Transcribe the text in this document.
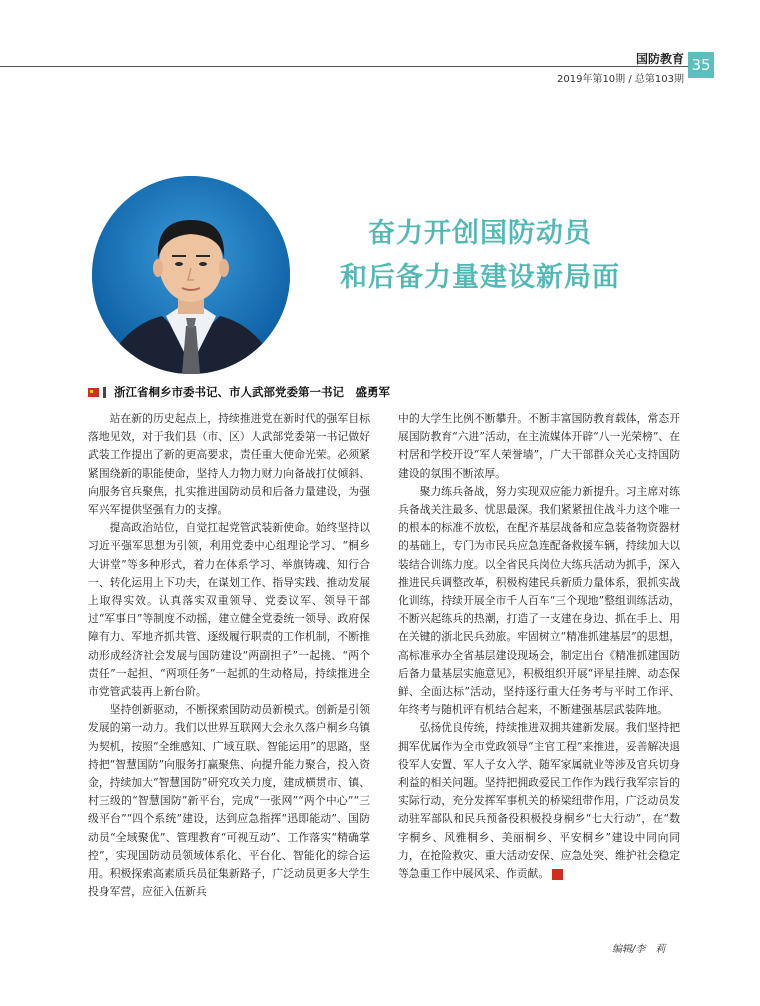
国防教育 35
2019年第10期 / 总第103期
奋力开创国防动员
和后备力量建设新局面
浙江省桐乡市委书记、市人武部党委第一书记　盛勇军

站在新的历史起点上，持续推进党在新时代的强军目标落地见效，对于我们县（市、区）人武部党委第一书记做好武装工作提出了新的更高要求，责任重大使命光荣。必须紧紧围绕新的职能使命，坚持人力物力财力向备战打仗倾斜、向服务官兵聚焦，扎实推进国防动员和后备力量建设，为强军兴军提供坚强有力的支撑。

提高政治站位，自觉扛起党管武装新使命。始终坚持以习近平强军思想为引领，利用党委中心组理论学习、“桐乡大讲堂”等多种形式，着力在体系学习、举旗铸魂、知行合一、转化运用上下功夫，在谋划工作、指导实践、推动发展上取得实效。认真落实双重领导、党委议军、领导干部过“军事日”等制度不动摇，建立健全党委统一领导、政府保障有力、军地齐抓共管、逐级履行职责的工作机制，不断推动形成经济社会发展与国防建设“两副担子”一起挑、“两个责任”一起担、“两项任务”一起抓的生动格局，持续推进全市党管武装再上新台阶。

坚持创新驱动，不断探索国防动员新模式。创新是引领发展的第一动力。我们以世界互联网大会永久落户桐乡乌镇为契机，按照“全维感知、广域互联、智能运用”的思路，坚持把“智慧国防”向服务打赢聚焦、向提升能力聚合，投入资金，持续加大“智慧国防”研究攻关力度，建成横贯市、镇、村三级的“智慧国防”新平台，完成“一张网”“两个中心”“三级平台”“四个系统”建设，达到应急指挥“迅即能动”、国防动员“全域聚优”、管理教育“可视互动”、工作落实“精确掌控”，实现国防动员领域体系化、平台化、智能化的综合运用。积极探索高素质兵员征集新路子，广泛动员更多大学生投身军营，应征入伍新兵

中的大学生比例不断攀升。不断丰富国防教育载体，常态开展国防教育“六进”活动，在主流媒体开辟“八一光荣榜”、在村居和学校开设“军人荣誉墙”，广大干部群众关心支持国防建设的氛围不断浓厚。

聚力练兵备战，努力实现双应能力新提升。习主席对练兵备战关注最多、忧思最深。我们紧紧扭住战斗力这个唯一的根本的标准不放松，在配齐基层战备和应急装备物资器材的基础上，专门为市民兵应急连配备救援车辆，持续加大以装结合训练力度。以全省民兵岗位大练兵活动为抓手，深入推进民兵调整改革，积极构建民兵新质力量体系，狠抓实战化训练，持续开展全市千人百车“三个现地”整组训练活动，不断兴起练兵的热潮，打造了一支建在身边、抓在手上、用在关键的浙北民兵劲旅。牢固树立“精准抓建基层”的思想，高标准承办全省基层建设现场会，制定出台《精准抓建国防后备力量基层实施意见》，积极组织开展“评星挂牌、动态保鲜、全面达标”活动，坚持逐行重大任务考与平时工作评、年终考与随机评有机结合起来，不断建强基层武装阵地。

弘扬优良传统，持续推进双拥共建新发展。我们坚持把拥军优属作为全市党政领导“主官工程”来推进，妥善解决退役军人安置、军人子女入学、随军家属就业等涉及官兵切身利益的相关问题。坚持把拥政爱民工作作为践行我军宗旨的实际行动，充分发挥军事机关的桥梁纽带作用，广泛动员发动驻军部队和民兵预备役积极投身桐乡“七大行动”，在“数字桐乡、风雅桐乡、美丽桐乡、平安桐乡”建设中同向同力，在抢险救灾、重大活动安保、应急处突、维护社会稳定等急重工作中展风采、作贡献。	G

编辑/李　莉
